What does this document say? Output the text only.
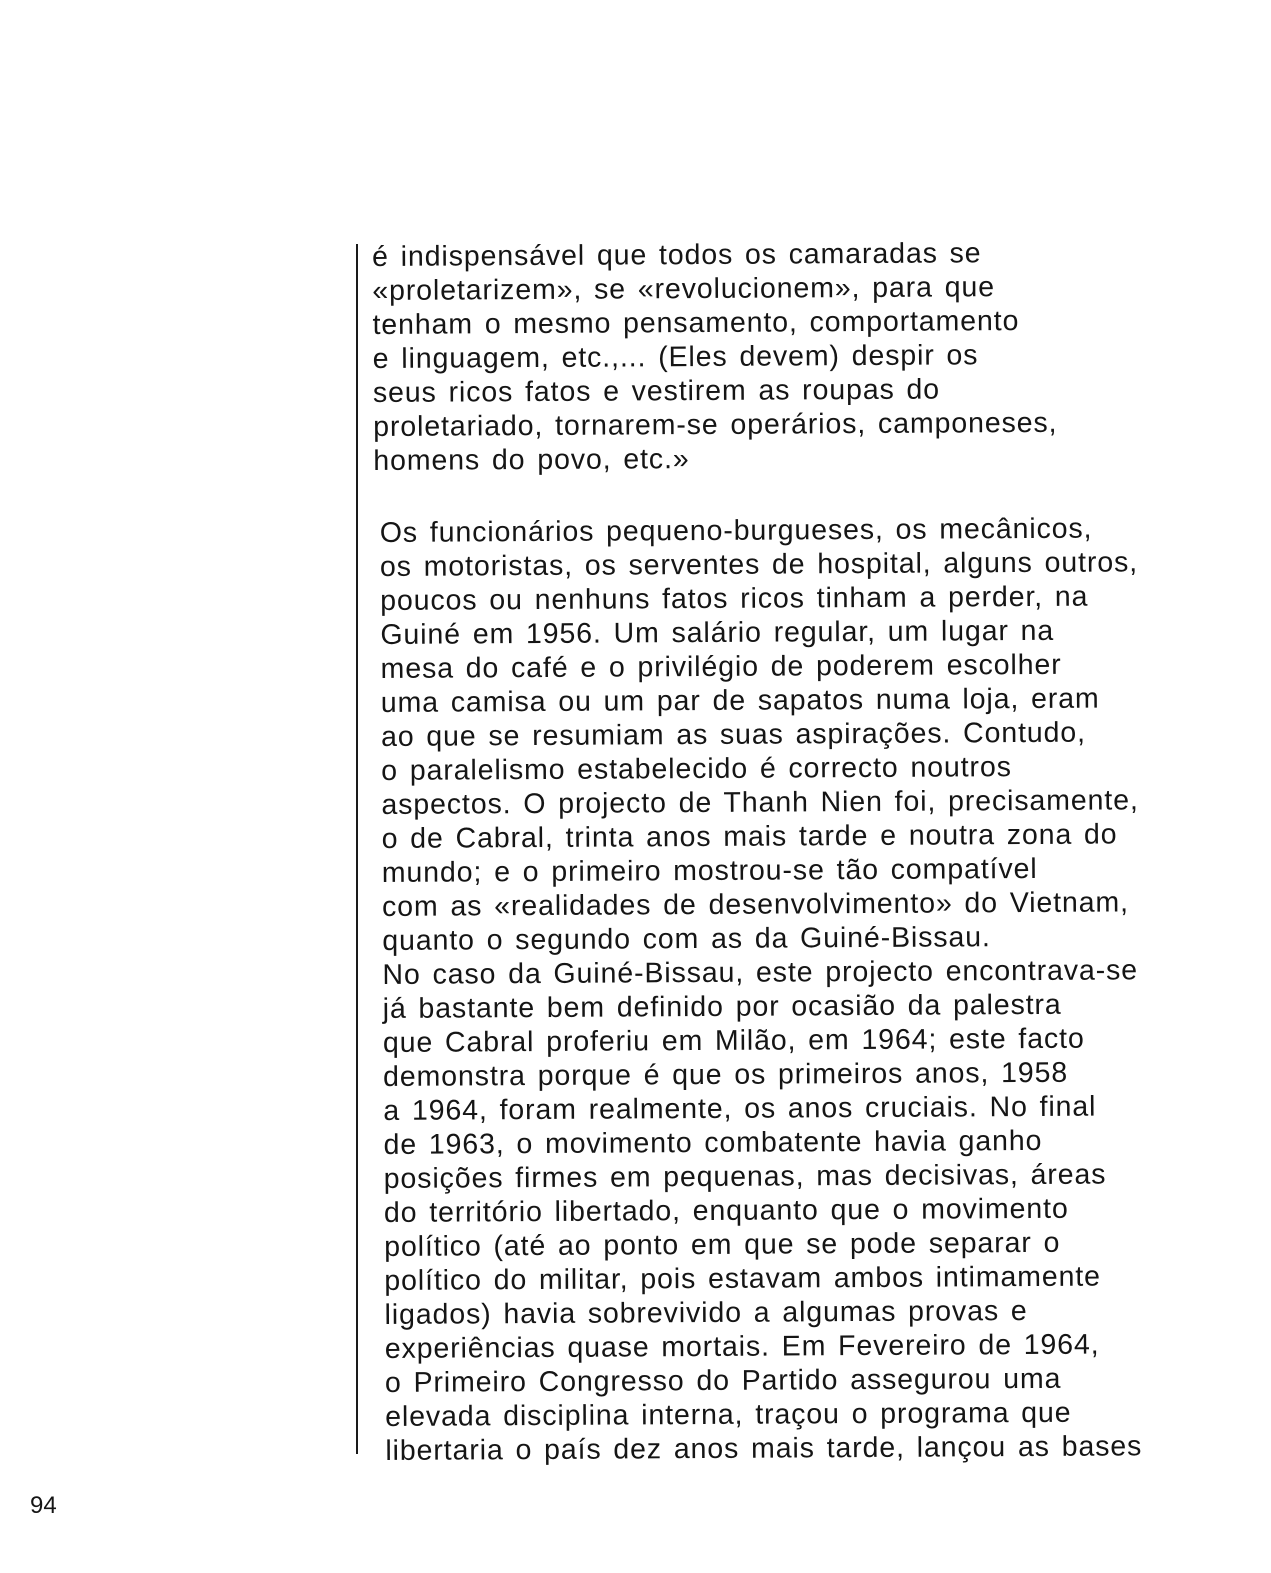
é indispensável que todos os camaradas se
«proletarizem», se «revolucionem», para que
tenham o mesmo pensamento, comportamento
e linguagem, etc.,... (Eles devem) despir os
seus ricos fatos e vestirem as roupas do
proletariado, tornarem-se operários, camponeses,
homens do povo, etc.»
Os funcionários pequeno-burgueses, os mecânicos,
os motoristas, os serventes de hospital, alguns outros,
poucos ou nenhuns fatos ricos tinham a perder, na
Guiné em 1956. Um salário regular, um lugar na
mesa do café e o privilégio de poderem escolher
uma camisa ou um par de sapatos numa loja, eram
ao que se resumiam as suas aspirações. Contudo,
o paralelismo estabelecido é correcto noutros
aspectos. O projecto de Thanh Nien foi, precisamente,
o de Cabral, trinta anos mais tarde e noutra zona do
mundo; e o primeiro mostrou-se tão compatível
com as «realidades de desenvolvimento» do Vietnam,
quanto o segundo com as da Guiné-Bissau.
No caso da Guiné-Bissau, este projecto encontrava-se
já bastante bem definido por ocasião da palestra
que Cabral proferiu em Milão, em 1964; este facto
demonstra porque é que os primeiros anos, 1958
a 1964, foram realmente, os anos cruciais. No final
de 1963, o movimento combatente havia ganho
posições firmes em pequenas, mas decisivas, áreas
do território libertado, enquanto que o movimento
político (até ao ponto em que se pode separar o
político do militar, pois estavam ambos intimamente
ligados) havia sobrevivido a algumas provas e
experiências quase mortais. Em Fevereiro de 1964,
o Primeiro Congresso do Partido assegurou uma
elevada disciplina interna, traçou o programa que
libertaria o país dez anos mais tarde, lançou as bases
94
